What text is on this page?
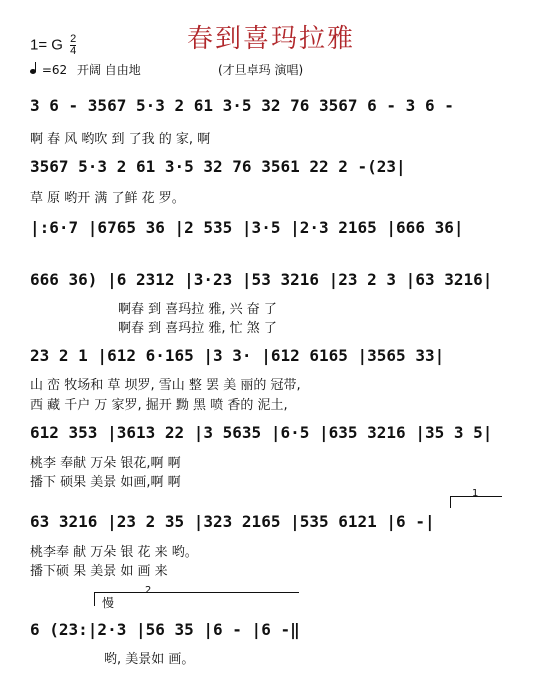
春到喜玛拉雅
1= G $\frac{2}{4}$
=62 开阔 自由地	(才旦卓玛 演唱)
3 6 - 3567 5·3 2 61 3·5 32 76 3567 6 - 3 6 -
啊 春 风 哟吹 到 了我 的 家, 啊
3567 5·3 2 61 3·5 32 76 3561 22 2 -(23|
草 原 哟开 满 了鲜 花 罗。
|:6·7 |6765 36 |2 535 |3·5 |2·3 2165 |666 36|
666 36) |6 2312 |3·23 |53 3216 |23 2 3 |63 3216|
啊春 到 喜玛拉 雅, 兴 奋 了
啊春 到 喜玛拉 雅, 忙 煞 了
23 2 1 |612 6·165 |3 3· |612 6165 |3565 33|
山 峦 牧场和 草 坝罗, 雪山 整 罢 美 丽的 冠带,
西 藏 千户 万 家罗, 掘开 黝 黑 喷 香的 泥土,
612 353 |3613 22 |3 5635 |6·5 |635 3216 |35 3 5|
桃李 奉献 万朵 银花,啊 啊
播下 硕果 美景 如画,啊 啊
1
63 3216 |23 2 35 |323 2165 |535 6121 |6 -|
桃李奉 献 万朵 银 花 来 哟。
播下硕 果 美景 如 画 来
2
慢
6 (23:|2·3 |56 35 |6 - |6 -‖
哟, 美景如 画。
